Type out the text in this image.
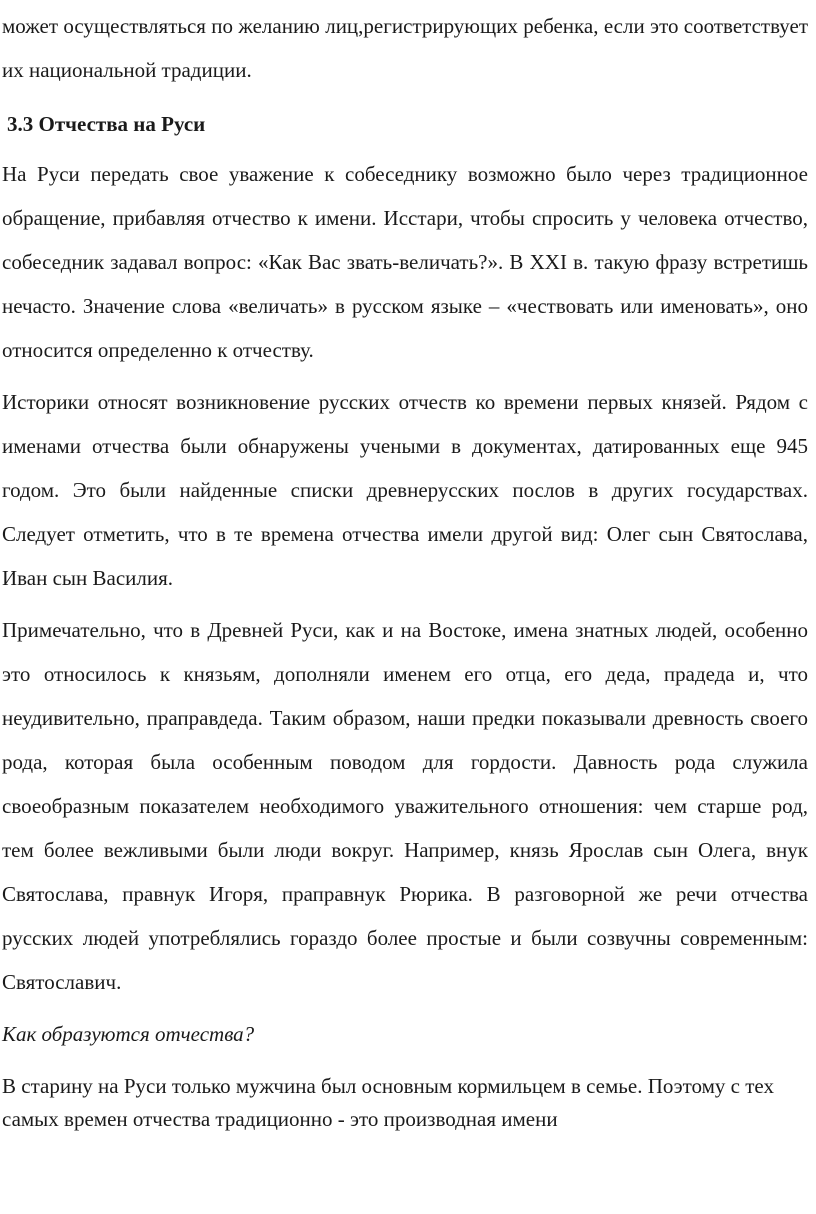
может осуществляться по желанию лиц,регистрирующих ребенка, если это соответствует их национальной традиции.

3.3 Отчества на Руси

На Руси передать свое уважение к собеседнику возможно было через традиционное обращение, прибавляя отчество к имени. Исстари, чтобы спросить у человека отчество, собеседник задавал вопрос: «Как Вас звать-величать?». В XXI в. такую фразу встретишь нечасто. Значение слова «величать» в русском языке – «чествовать или именовать», оно относится определенно к отчеству.

Историки относят возникновение русских отчеств ко времени первых князей. Рядом с именами отчества были обнаружены учеными в документах, датированных еще 945 годом. Это были найденные списки древнерусских послов в других государствах. Следует отметить, что в те времена отчества имели другой вид: Олег сын Святослава, Иван сын Василия.

Примечательно, что в Древней Руси, как и на Востоке, имена знатных людей, особенно это относилось к князьям, дополняли именем его отца, его деда, прадеда и, что неудивительно, праправдеда. Таким образом, наши предки показывали древность своего рода, которая была особенным поводом для гордости. Давность рода служила своеобразным показателем необходимого уважительного отношения: чем старше род, тем более вежливыми были люди вокруг. Например, князь Ярослав сын Олега, внук Святослава, правнук Игоря, праправнук Рюрика. В разговорной же речи отчества русских людей употреблялись гораздо более простые и были созвучны современным: Святославич.

Как образуются отчества?

В старину на Руси только мужчина был основным кормильцем в семье. Поэтому с тех самых времен отчества традиционно - это производная имени
